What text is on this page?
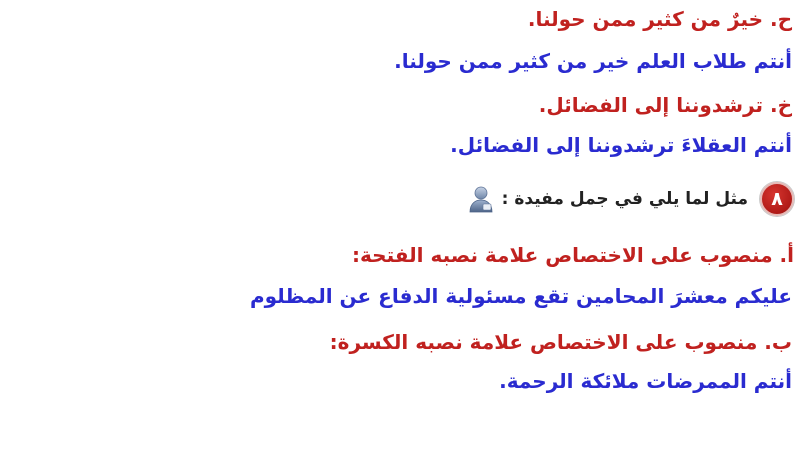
ح. خيرٌ من كثير ممن حولنا.

أنتم طلاب العلم خير من كثير ممن حولنا.

خ. ترشدوننا إلى الفضائل.

أنتم العقلاءَ ترشدوننا إلى الفضائل.

٨
مثل لما يلي في جمل مفيدة :

أ. منصوب على الاختصاص علامة نصبه الفتحة:

عليكم معشرَ المحامين تقع مسئولية الدفاع عن المظلوم

ب. منصوب على الاختصاص علامة نصبه الكسرة:

أنتم الممرضات ملائكة الرحمة.
